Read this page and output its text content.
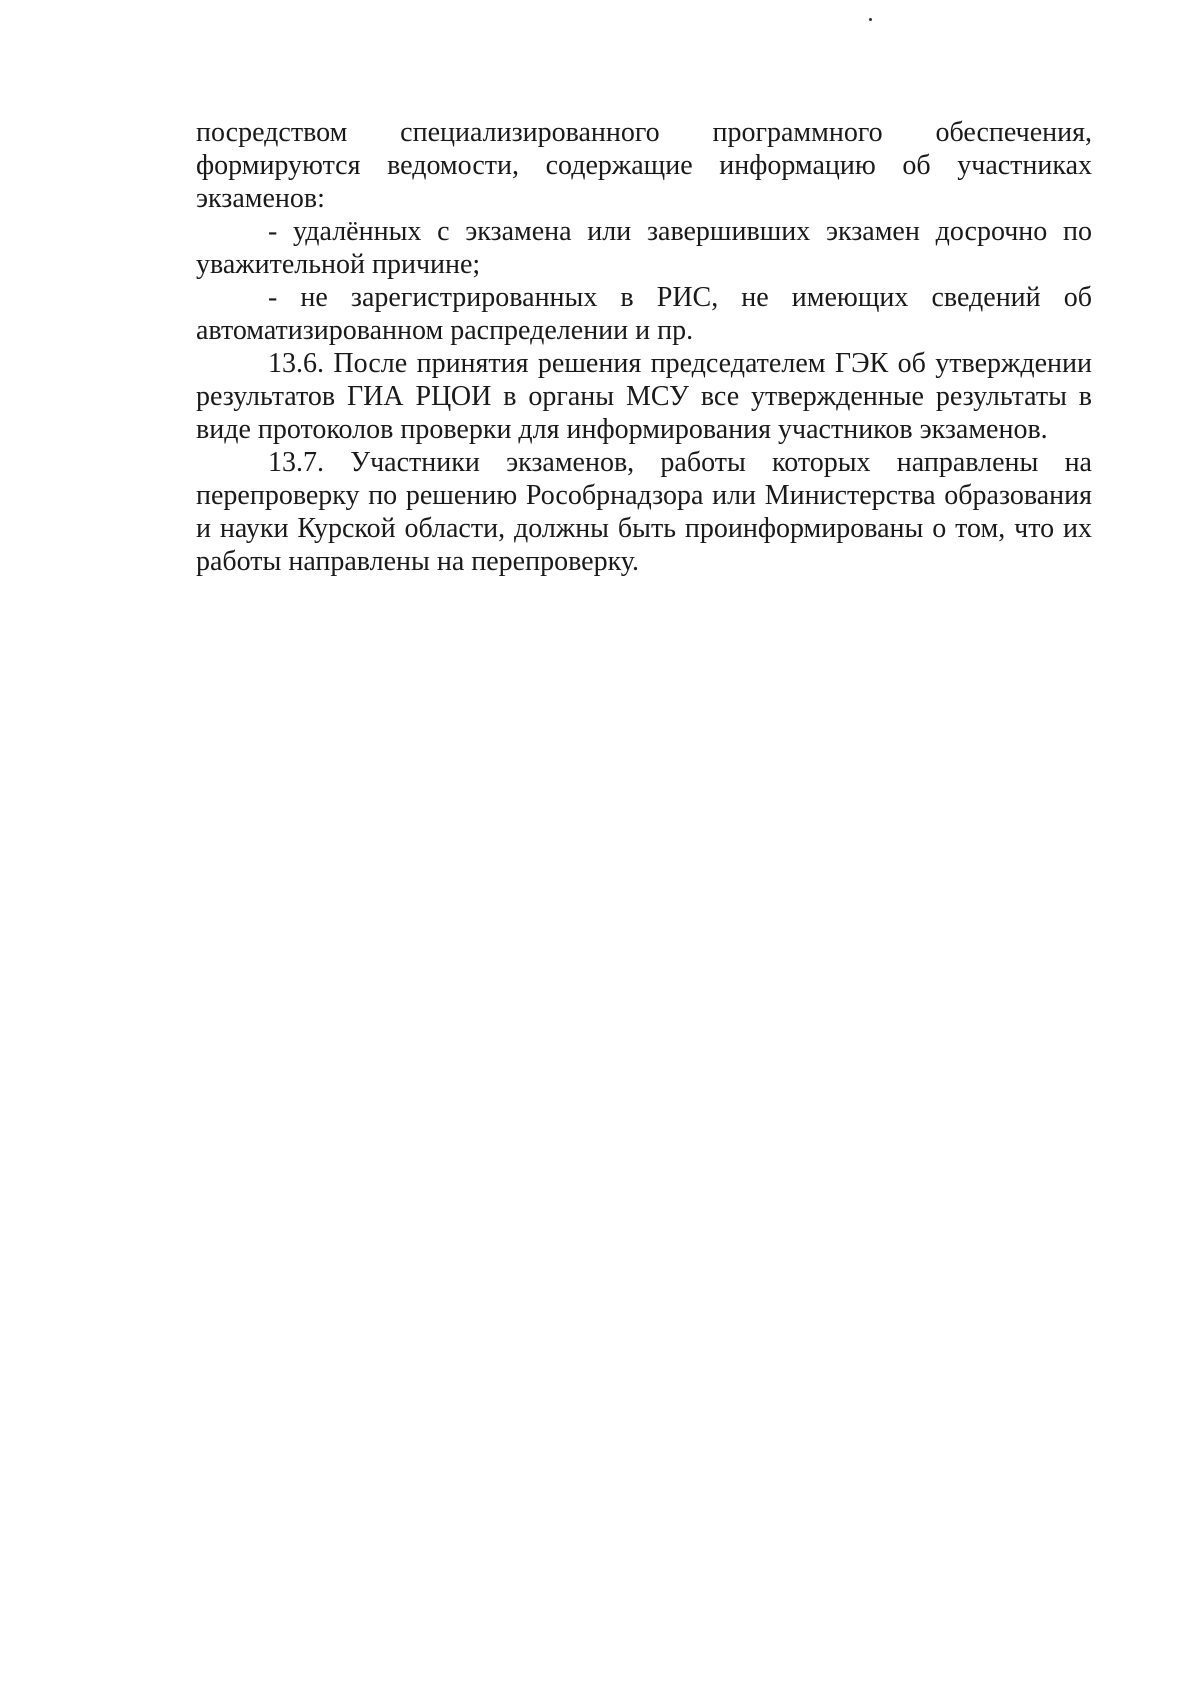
посредством специализированного программного обеспечения, формируются ведомости, содержащие информацию об участниках экзаменов:

- удалённых с экзамена или завершивших экзамен досрочно по уважительной причине;

- не зарегистрированных в РИС, не имеющих сведений об автоматизированном распределении и пр.

13.6. После принятия решения председателем ГЭК об утверждении результатов ГИА РЦОИ в органы МСУ все утвержденные результаты в виде протоколов проверки для информирования участников экзаменов.

13.7. Участники экзаменов, работы которых направлены на перепроверку по решению Рособрнадзора или Министерства образования и науки Курской области, должны быть проинформированы о том, что их работы направлены на перепроверку.
